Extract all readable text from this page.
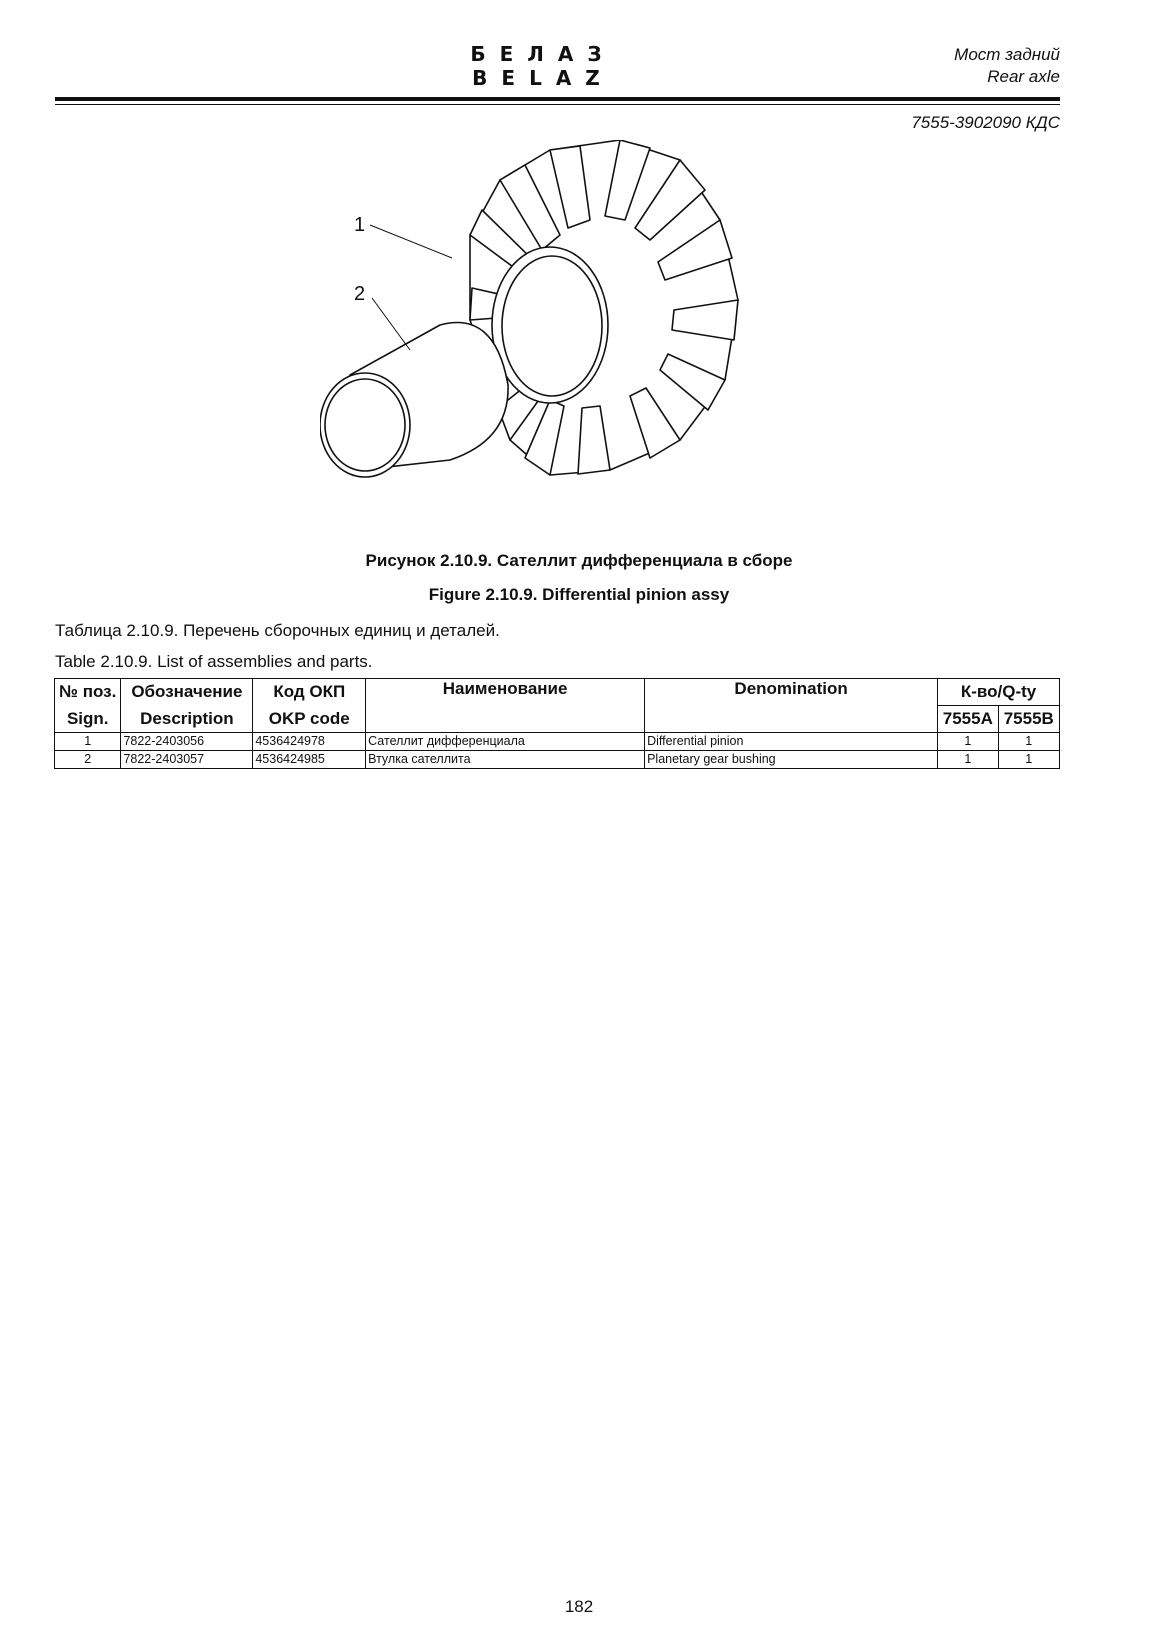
БЕЛАЗ
BELAZ
Мост задний
Rear axle
7555-3902090 КДС
1
2
Рисунок 2.10.9. Сателлит дифференциала в сборе
Figure 2.10.9. Differential pinion assy
Таблица 2.10.9. Перечень сборочных единиц и деталей.
Table 2.10.9. List of assemblies and parts.
№ поз.	Обозначение	Код ОКП	Наименование	Denomination	К-во/Q-ty	
Sign.	Description	OKP code			7555A	7555B
1	7822-2403056	4536424978	Сателлит дифференциала	Differential pinion	1	1
2	7822-2403057	4536424985	Втулка сателлита	Planetary gear bushing	1	1
182
